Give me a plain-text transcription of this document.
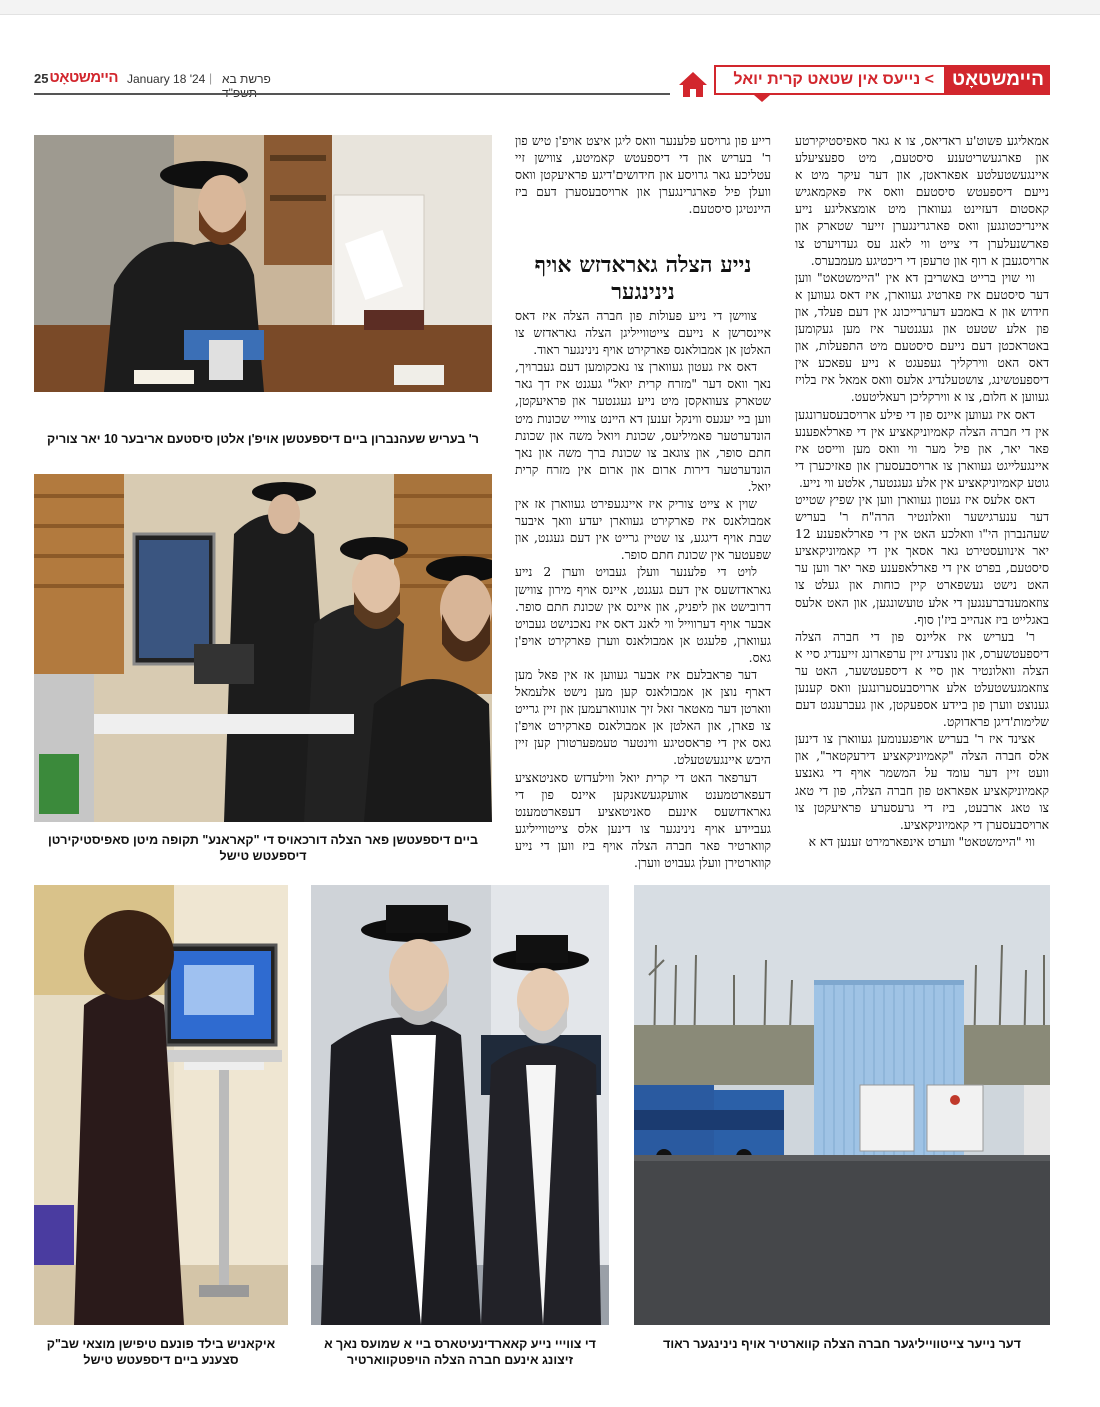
25 היימשטאָט January 18 '24 |	פרשת בא	> נייעס אין שטאט קרית יואל היימשטאָט
ר' בעריש שעהנברון ביים דיספעטשן אויפ'ן אלטן סיסטעם אריבער 10 יאר צוריק
ביים דיספעטשן פאר הצלה דורכאויס די "קאראנע" תקופה מיטן סאפיסטיקירטן דיספעטש טישל

אמאליגע פשוט'ע ראדיאס, צו א גאר סאפיסטיקירטע און פארגעשריטענע סיסטעם, מיט ספעציעלע איינגעשטעלטע אפאראטן, און דער עיקר מיט א נייעם דיספעטש סיסטעם וואס איז פאקמאגיש קאסטום דעזיינט געווארן מיט אומצאליגע נייע איינריכטונגען וואס פארגרינגערן זייער שטארק און פארשנעלערן די צייט ווי לאנג עס געדויערט צו ארויסגעבן א רוף און טרעפן די ריכטיגע מעמבערס.

ווי שוין ברייט באשריבן דא אין "היימשטאט" ווען דער סיסטעם איז פארטיג געווארן, איז דאס געווען א חידוש און א באמבע דערגרייכונג אין דעם פעלד, און פון אלע שטעט און געגנטער איז מען געקומען באטראכטן דעם נייעם סיסטעם מיט התפעלות, און דאס האט ווירקליך געפעגט א נייע עפאכע אין דיספעטשינג, צושטעלנדיג אלעס וואס אמאל איז בלויז געווען א חלום, צו א ווירקליכן רעאליטעט.

דאס איז געווען איינס פון די פילע ארויסבעסערונגען אין די חברה הצלה קאמיוניקאציע אין די פארלאפענע פאר יאר, און פיל מער ווי וואס מען ווייסט איז איינגעלייגט געווארן צו ארויסבעסערן און פאזיכערן די גוטע קאמיוניקאציע אין אלע געגנטער, אלטע ווי נייע.

דאס אלעס איז געטון געווארן ווען אין שפיץ שטייט דער ענערגישער וואלונטיר הרה"ח ר' בעריש שעהנברון הי"ו וואלכע האט אין די פארלאפענע 12 יאר אינוועסטירט גאר אסאך אין די קאמיוניקאציע סיסטעם, בפרט אין די פארלאפענע פאר יאר ווען ער האט נישט געשפארט קיין כוחות און געלט צו צוזאמענדברענגען די אלע טועשונגען, און האט אלעס באגלייט ביז אנהייב ביז'ן סוף.

ר' בעריש איז אליינס פון די חברה הצלה דיספעטשערס, און נוצנדיג זיין ערפארונג זייענדיג סיי א הצלה וואלונטיר און סיי א דיספעטשער, האט ער צוזאמגעשטעלט אלע ארויסבעסערונגען וואס קענען גענוצט ווערן פון ביידע אספעקטן, און געברענגט דעם שלימות'דיגן פראדוקט.

אצינד איז ר' בעריש אויפגענומען געווארן צו דינען אלס חברה הצלה "קאמיוניקאציע דירעקטאר", און וועט זיין דער עומד על המשמר אויף די גאנצע קאמיוניקאציע אפאראט פון חברה הצלה, פון די טאג צו טאג ארבעט, ביז די גרעסערע פראיעקטן צו ארויסבעסערן די קאמיוניקאציע.

ווי "היימשטאט" ווערט אינפארמירט זענען דא א

רייע פון גרויסע פלענער וואס ליגן איצט אויפ'ן טיש פון ר' בעריש און די דיספעטש קאמיטע, צווישן זיי עטליכע גאר גרויסע און חידושים'דיגע פראיעקטן וואס וועלן פיל פארגרינגערן און ארויסבעסערן דעם ביז היינטיגן סיסטעם.

נייע הצלה גאראדזש אויף נינינגער

צווישן די נייע פעולות פון חברה הצלה איז דאס איינסרשן א נייעם צייטווייליגן הצלה גאראדזש צו האלטן אן אמבולאנס פארקירט אויף נינינגער ראוד.

דאס איז געטון געווארן צו נאכקומען דעם געברויך, נאך וואס דער "מזרח קרית יואל" געגנט איז דך גאר שטארק צעוואקסן מיט נייע געגנטער און פראיעקטן, ווען ביי יעגעס ווינקל זענען דא היינט צווייי שכונות מיט הונדערטער פאמיליעס, שכונת ויואל משה און שכונת חתם סופר, און צוגאב צו שכונת ברך משה און נאך הונדערטער דירות ארום און ארום אין מזרח קרית יואל.

שוין א צייט צוריק איז איינגעפירט געווארן אז אין אמבולאנס איז פארקירט געווארן יעדע וואך איבער שבת אויף דיגגע, צו שטיין גרייט אין דעם געגנט, און שפעטער אין שכונת חתם סופר.

לויט די פלענער וועלן געבויט ווערן 2 נייע גאראדזשעס אין דעם געגנט, איינס אויף מירון צווישן דרובישט און ליפניק, און איינס אין שכונת חתם סופר. אבער אויף דערווייל ווי לאנג דאס איז נאכנישט געבויט געווארן, פלעגט אן אמבולאנס ווערן פארקירט אויפ'ן גאס.

דער פראבלעם איז אבער געווען אז אין פאל מען דארף נוצן אן אמבולאנס קען מען נישט אלעמאל ווארטן דער מאטאר זאל זיך אונווארעמען און זיין גרייט צו פארן, און האלטן אן אמבולאנס פארקירט אויפ'ן גאס אין די פראסטיגע ווינטער טעמפערטורן קען זיין היבש איינגעשטעלט.

דערפאר האט די קרית יואל ווילעדזש סאניטאציע דעפארטמענט אוועקגעשאנקען איינס פון די גאראדזשעס אינעם סאניטאציע דעפארטמענט געביידע אויף נינינגער צו דינען אלס צייטווייליגע קווארטיר פאר חברה הצלה אויף ביז ווען די נייע קווארטירן וועלן געבויט ווערן.

איקאניש בילד פונעם טיפישן מוצאי שב"ק סצענע ביים דיספעטש טישל
די צווייי נייע קאארדינעיטארס ביי א שמועס נאך א זיצונג אינעם חברה הצלה הויפטקווארטיר
דער נייער צייטווייליגער חברה הצלה קווארטיר אויף נינינגער ראוד
